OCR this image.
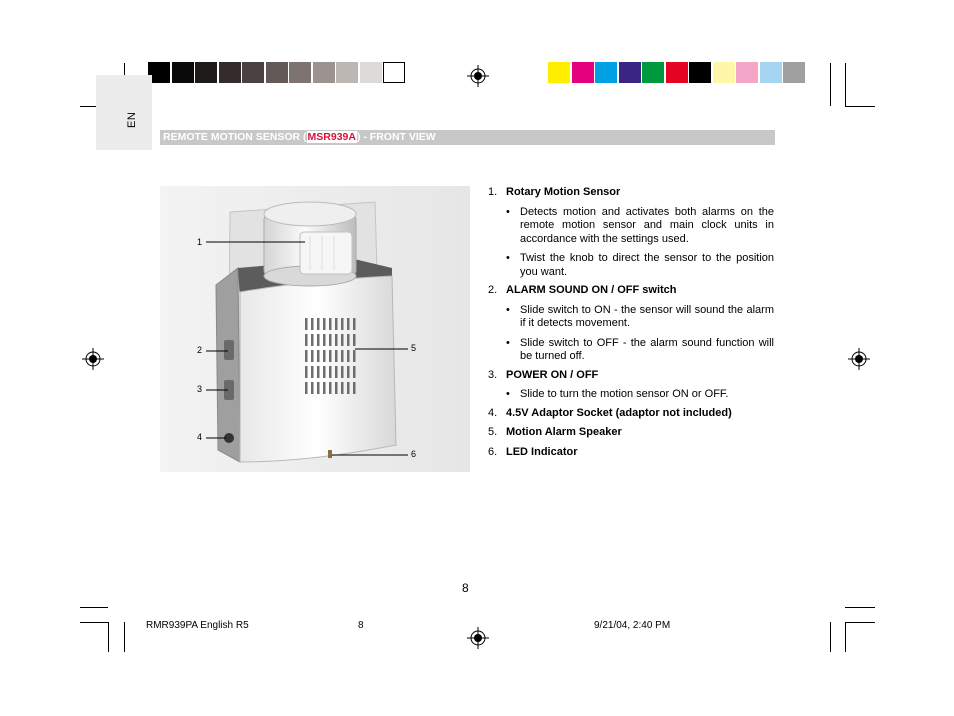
EN
REMOTE MOTION SENSOR (MSR939A) - FRONT VIEW
1
2
3
4
5
6
1. Rotary Motion Sensor
• Detects motion and activates both alarms on the remote motion sensor and main clock units in accordance with the settings used.
• Twist the knob to direct the sensor to the position you want.
2. ALARM SOUND ON / OFF switch
• Slide switch to ON - the sensor will sound the alarm if it detects movement.
• Slide switch to OFF - the alarm sound function will be turned off.
3. POWER ON / OFF
• Slide to turn the motion sensor ON or OFF.
4. 4.5V Adaptor Socket (adaptor not included)
5. Motion Alarm Speaker
6. LED Indicator
8
RMR939PA English R5	8	9/21/04, 2:40 PM
